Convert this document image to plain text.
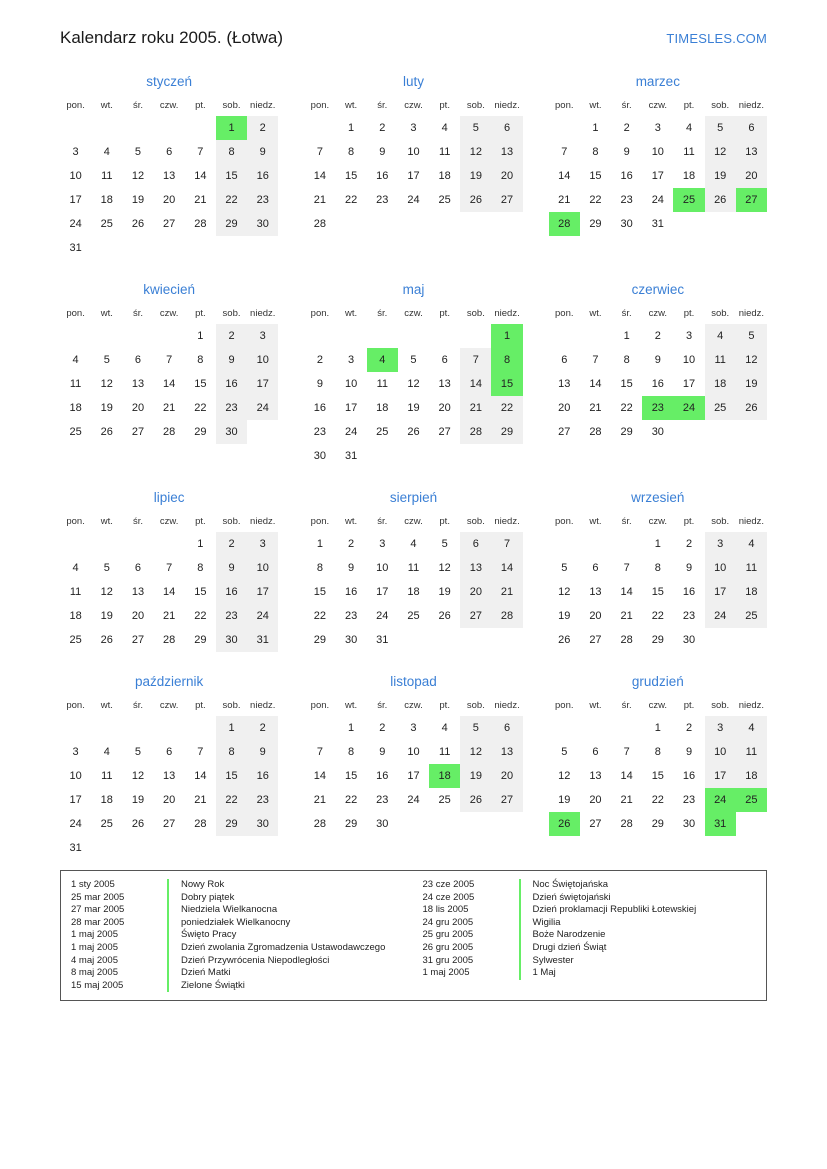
Kalendarz roku 2005. (Łotwa)	TIMESLES.COM
styczeń
pon.	wt.	śr.	czw.	pt.	sob.	niedz.

					1	2

3	4	5	6	7	8	9

10	11	12	13	14	15	16

17	18	19	20	21	22	23

24	25	26	27	28	29	30

31						

luty
pon.	wt.	śr.	czw.	pt.	sob.	niedz.

	1	2	3	4	5	6

7	8	9	10	11	12	13

14	15	16	17	18	19	20

21	22	23	24	25	26	27

28						

marzec
pon.	wt.	śr.	czw.	pt.	sob.	niedz.

	1	2	3	4	5	6

7	8	9	10	11	12	13

14	15	16	17	18	19	20

21	22	23	24	25	26	27

28	29	30	31			

kwiecień
pon.	wt.	śr.	czw.	pt.	sob.	niedz.

				1	2	3

4	5	6	7	8	9	10

11	12	13	14	15	16	17

18	19	20	21	22	23	24

25	26	27	28	29	30	

maj
pon.	wt.	śr.	czw.	pt.	sob.	niedz.

						1

2	3	4	5	6	7	8

9	10	11	12	13	14	15

16	17	18	19	20	21	22

23	24	25	26	27	28	29

30	31					

czerwiec
pon.	wt.	śr.	czw.	pt.	sob.	niedz.

		1	2	3	4	5

6	7	8	9	10	11	12

13	14	15	16	17	18	19

20	21	22	23	24	25	26

27	28	29	30			

lipiec
pon.	wt.	śr.	czw.	pt.	sob.	niedz.

				1	2	3

4	5	6	7	8	9	10

11	12	13	14	15	16	17

18	19	20	21	22	23	24

25	26	27	28	29	30	31
sierpień
pon.	wt.	śr.	czw.	pt.	sob.	niedz.

1	2	3	4	5	6	7

8	9	10	11	12	13	14

15	16	17	18	19	20	21

22	23	24	25	26	27	28

29	30	31				

wrzesień
pon.	wt.	śr.	czw.	pt.	sob.	niedz.

			1	2	3	4

5	6	7	8	9	10	11

12	13	14	15	16	17	18

19	20	21	22	23	24	25

26	27	28	29	30		

październik
pon.	wt.	śr.	czw.	pt.	sob.	niedz.

					1	2

3	4	5	6	7	8	9

10	11	12	13	14	15	16

17	18	19	20	21	22	23

24	25	26	27	28	29	30

31						

listopad
pon.	wt.	śr.	czw.	pt.	sob.	niedz.

	1	2	3	4	5	6

7	8	9	10	11	12	13

14	15	16	17	18	19	20

21	22	23	24	25	26	27

28	29	30				

grudzień
pon.	wt.	śr.	czw.	pt.	sob.	niedz.

			1	2	3	4

5	6	7	8	9	10	11

12	13	14	15	16	17	18

19	20	21	22	23	24	25

26	27	28	29	30	31	

1 sty 2005	Nowy Rok
25 mar 2005	Dobry piątek
27 mar 2005	Niedziela Wielkanocna
28 mar 2005	poniedziałek Wielkanocny
1 maj 2005	Święto Pracy
1 maj 2005	Dzień zwolania Zgromadzenia Ustawodawczego
4 maj 2005	Dzień Przywrócenia Niepodległości
8 maj 2005	Dzień Matki
15 maj 2005	Zielone Świątki
23 cze 2005	Noc Świętojańska
24 cze 2005	Dzień świętojański
18 lis 2005	Dzień proklamacji Republiki Łotewskiej
24 gru 2005	Wigilia
25 gru 2005	Boże Narodzenie
26 gru 2005	Drugi dzień Świąt
31 gru 2005	Sylwester
1 maj 2005	1 Maj
